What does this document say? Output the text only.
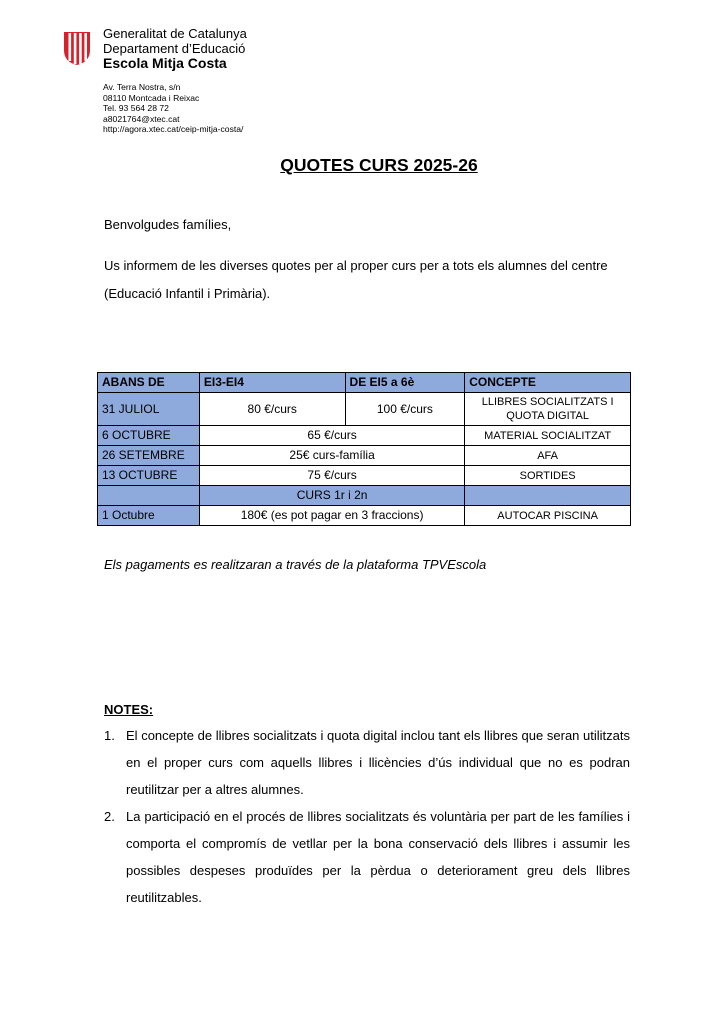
Generalitat de Catalunya
Departament d’Educació
Escola Mitja Costa
Av. Terra Nostra, s/n
08110 Montcada i Reixac
Tel. 93 564 28 72
a8021764@xtec.cat
http://agora.xtec.cat/ceip-mitja-costa/
QUOTES CURS 2025-26
Benvolgudes famílies,
Us informem de les diverses quotes per al proper curs per a tots els alumnes del centre (Educació Infantil i Primària).
ABANS DE	EI3-EI4	DE EI5 a 6è	CONCEPTE
31 JULIOL	80 €/curs	100 €/curs	LLIBRES SOCIALITZATS I QUOTA DIGITAL
6 OCTUBRE	65 €/curs		MATERIAL SOCIALITZAT
26 SETEMBRE	25€ curs-família		AFA
13 OCTUBRE	75 €/curs		SORTIDES
	CURS 1r i 2n		
1 Octubre	180€ (es pot pagar en 3 fraccions)		AUTOCAR PISCINA
Els pagaments es realitzaran a través de la plataforma TPVEscola
NOTES:
1. El concepte de llibres socialitzats i quota digital inclou tant els llibres que seran utilitzats en el proper curs com aquells llibres i llicències d’ús individual que no es podran reutilitzar per a altres alumnes.
2. La participació en el procés de llibres socialitzats és voluntària per part de les famílies i comporta el compromís de vetllar per la bona conservació dels llibres i assumir les possibles despeses produïdes per la pèrdua o deteriorament greu dels llibres reutilitzables.
